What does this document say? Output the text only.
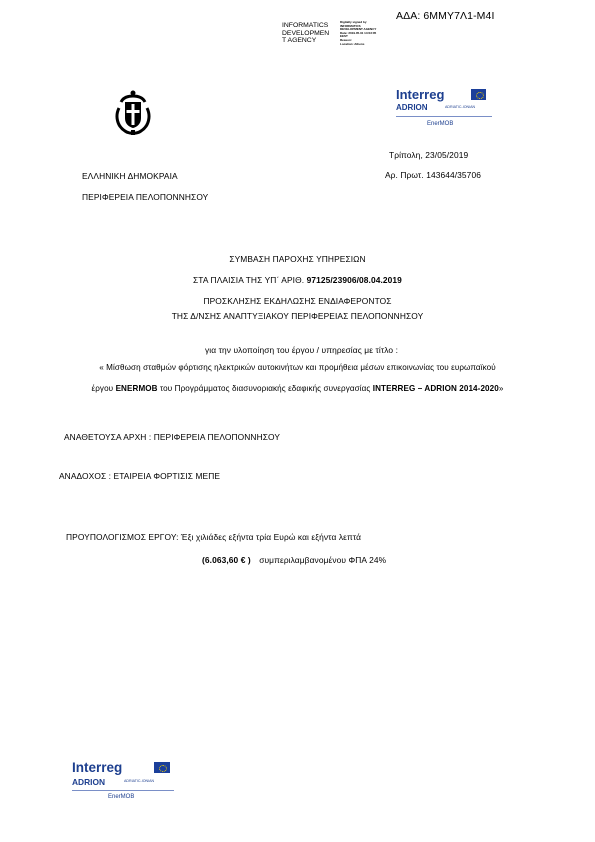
ΑΔΑ: 6ΜΜΥ7Λ1-Μ4Ι
INFORMATICS
DEVELOPMEN
T AGENCY
Digitally signed by
INFORMATICS
DEVELOPMENT AGENCY
Date: 2019.05.31 14:03:05
EEST
Reason:
Location: Athens
Interreg
ADRION	ADRIATIC-IONIAN
EnerMOB
Τρίπολη, 23/05/2019
Αρ. Πρωτ. 143644/35706
ΕΛΛΗΝΙΚΗ ΔΗΜΟΚΡΑΙΑ
ΠΕΡΙΦΕΡΕΙΑ ΠΕΛΟΠΟΝΝΗΣΟΥ
ΣΥΜΒΑΣΗ ΠΑΡΟΧΗΣ ΥΠΗΡΕΣΙΩΝ
ΣΤΑ ΠΛΑΙΣΙΑ ΤΗΣ ΥΠ΄ ΑΡΙΘ. 97125/23906/08.04.2019
ΠΡΟΣΚΛΗΣΗΣ ΕΚΔΗΛΩΣΗΣ ΕΝΔΙΑΦΕΡΟΝΤΟΣ
ΤΗΣ Δ/ΝΣΗΣ ΑΝΑΠΤΥΞΙΑΚΟΥ ΠΕΡΙΦΕΡΕΙΑΣ ΠΕΛΟΠΟΝΝΗΣΟΥ
για την υλοποίηση του έργου / υπηρεσίας με τίτλο :
« Μίσθωση σταθμών φόρτισης ηλεκτρικών αυτοκινήτων και προμήθεια μέσων επικοινωνίας του ευρωπαϊκού
έργου ENERMOB του Προγράμματος διασυνοριακής εδαφικής συνεργασίας INTERREG – ADRION 2014-2020»
ΑΝΑΘΕΤΟΥΣΑ ΑΡΧΗ : ΠΕΡΙΦΕΡΕΙΑ ΠΕΛΟΠΟΝΝΗΣΟΥ
ΑΝΑΔΟΧΟΣ : ΕΤΑΙΡΕΙΑ ΦΟΡΤΙΣΙΣ ΜΕΠΕ
ΠΡΟΥΠΟΛΟΓΙΣΜΟΣ ΕΡΓΟΥ: Έξι χιλιάδες εξήντα τρία Ευρώ και εξήντα λεπτά
(6.063,60 € ) συμπεριλαμβανομένου ΦΠΑ 24%
Interreg
ADRION	ADRIATIC-IONIAN
EnerMOB
